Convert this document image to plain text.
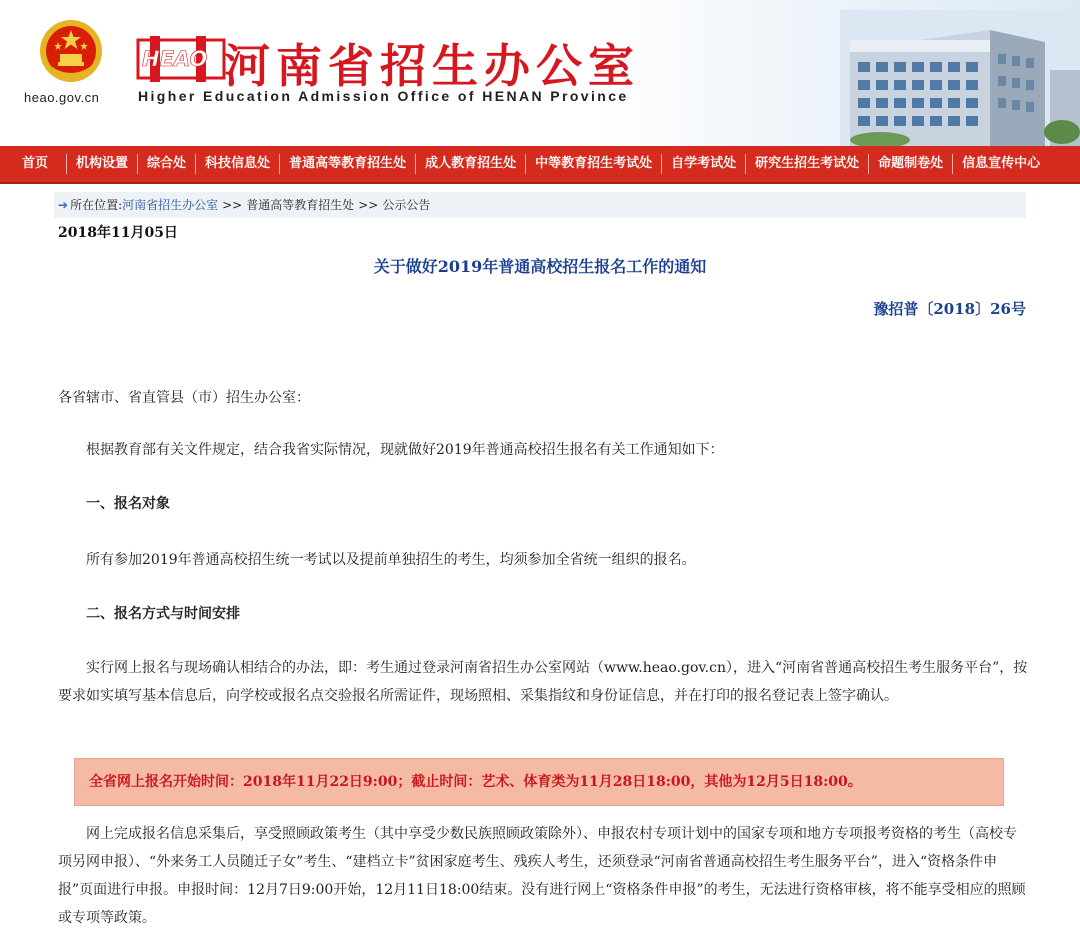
heao.gov.cn
HEAO 河南省招生办公室
Higher Education Admission Office of HENAN Province
首页	机构设置	综合处	科技信息处	普通高等教育招生处	成人教育招生处	中等教育招生考试处	自学考试处	研究生招生考试处	命题制卷处	信息宣传中心
➔ 所在位置: 河南省招生办公室 >> 普通高等教育招生处 >> 公示公告
2018年11月05日
关于做好2019年普通高校招生报名工作的通知
豫招普〔2018〕26号
各省辖市、省直管县（市）招生办公室：
根据教育部有关文件规定，结合我省实际情况，现就做好2019年普通高校招生报名有关工作通知如下：
一、报名对象
所有参加2019年普通高校招生统一考试以及提前单独招生的考生，均须参加全省统一组织的报名。
二、报名方式与时间安排
实行网上报名与现场确认相结合的办法，即：考生通过登录河南省招生办公室网站（www.heao.gov.cn），进入“河南省普通高校招生考生服务平台”，按要求如实填写基本信息后，向学校或报名点交验报名所需证件，现场照相、采集指纹和身份证信息，并在打印的报名登记表上签字确认。
网上完成报名信息采集后，享受照顾政策考生（其中享受少数民族照顾政策除外）、申报农村专项计划中的国家专项和地方专项报考资格的考生（高校专项另网申报）、“外来务工人员随迁子女”考生、“建档立卡”贫困家庭考生、残疾人考生，还须登录“河南省普通高校招生考生服务平台”，进入“资格条件申报”页面进行申报。申报时间：12月7日9:00开始，12月11日18:00结束。没有进行网上“资格条件申报”的考生，无法进行资格审核，将不能享受相应的照顾或专项等政策。
全省网上报名开始时间：2018年11月22日9:00；截止时间：艺术、体育类为11月28日18:00，其他为12月5日18:00。
